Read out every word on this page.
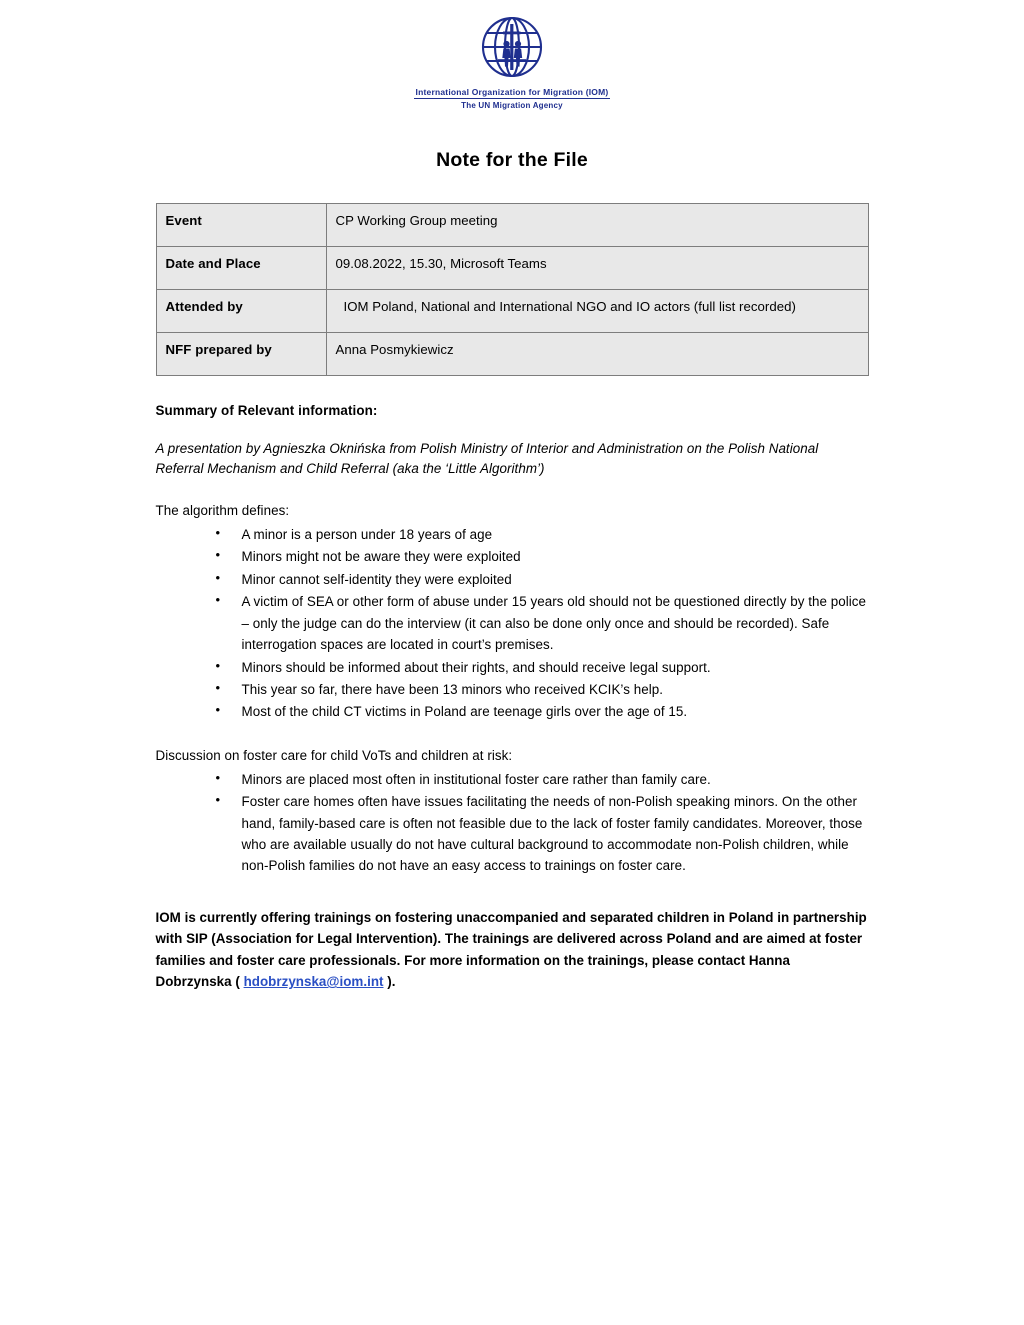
International Organization for Migration (IOM)
The UN Migration Agency
Note for the File
Event	CP Working Group meeting
Date and Place	09.08.2022, 15.30, Microsoft Teams
Attended by	IOM Poland, National and International NGO and IO actors (full list recorded)
NFF prepared by	Anna Posmykiewicz
Summary of Relevant information:
A presentation by Agnieszka Oknińska from Polish Ministry of Interior and Administration on the Polish National Referral Mechanism and Child Referral (aka the ‘Little Algorithm’)
The algorithm defines:
• A minor is a person under 18 years of age
• Minors might not be aware they were exploited
• Minor cannot self-identity they were exploited
• A victim of SEA or other form of abuse under 15 years old should not be questioned directly by the police – only the judge can do the interview (it can also be done only once and should be recorded). Safe interrogation spaces are located in court’s premises.
• Minors should be informed about their rights, and should receive legal support.
• This year so far, there have been 13 minors who received KCIK’s help.
• Most of the child CT victims in Poland are teenage girls over the age of 15.
Discussion on foster care for child VoTs and children at risk:
• Minors are placed most often in institutional foster care rather than family care.
• Foster care homes often have issues facilitating the needs of non-Polish speaking minors. On the other hand, family-based care is often not feasible due to the lack of foster family candidates. Moreover, those who are available usually do not have cultural background to accommodate non-Polish children, while non-Polish families do not have an easy access to trainings on foster care.

IOM is currently offering trainings on fostering unaccompanied and separated children in Poland in partnership with SIP (Association for Legal Intervention). The trainings are delivered across Poland and are aimed at foster families and foster care professionals. For more information on the trainings, please contact Hanna Dobrzynska ( hdobrzynska@iom.int ).
